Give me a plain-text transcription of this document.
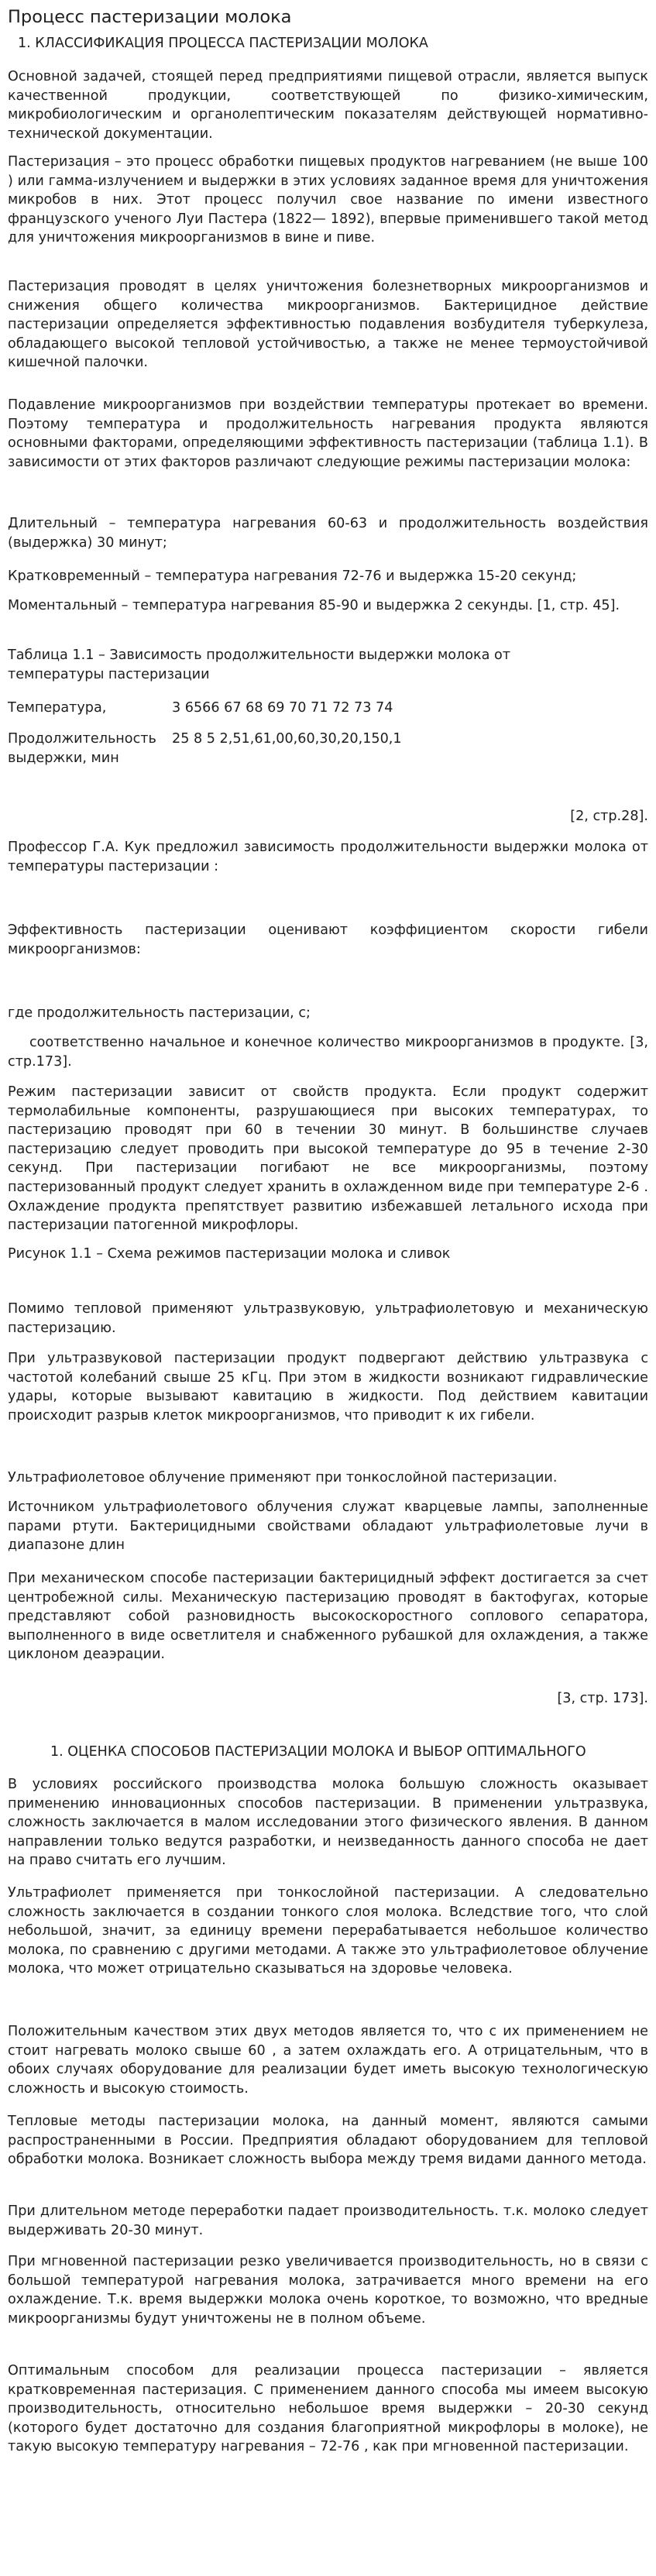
Процесс пастеризации молока
1. КЛАССИФИКАЦИЯ ПРОЦЕССА ПАСТЕРИЗАЦИИ МОЛОКА
Основной задачей, стоящей перед предприятиями пищевой отрасли, является выпуск качественной продукции, соответствующей по физико-химическим, микробиологическим и органолептическим показателям действующей нормативно-технической документации.
Пастеризация – это процесс обработки пищевых продуктов нагреванием (не выше 100 ) или гамма-излучением и выдержки в этих условиях заданное время для уничтожения микробов в них. Этот процесс получил свое название по имени известного французского ученого Луи Пастера (1822— 1892), впервые применившего такой метод для уничтожения микроорганизмов в вине и пиве.
Пастеризация проводят в целях уничтожения болезнетворных микроорганизмов и снижения общего количества микроорганизмов. Бактерицидное действие пастеризации определяется эффективностью подавления возбудителя туберкулеза, обладающего высокой тепловой устойчивостью, а также не менее термоустойчивой кишечной палочки.
Подавление микроорганизмов при воздействии температуры протекает во времени. Поэтому температура и продолжительность нагревания продукта являются основными факторами, определяющими эффективность пастеризации (таблица 1.1). В зависимости от этих факторов различают следующие режимы пастеризации молока:
Длительный – температура нагревания 60-63 и продолжительность воздействия (выдержка) 30 минут;
Кратковременный – температура нагревания 72-76 и выдержка 15-20 секунд;
Моментальный – температура нагревания 85-90 и выдержка 2 секунды. [1, стр. 45].
Таблица 1.1 – Зависимость продолжительности выдержки молока от температуры пастеризации
Температура,	3 6566 67 68 69 70 71 72 73 74
Продолжительность 25 8 5 2,51,61,00,60,30,20,150,1
выдержки, мин
[2, стр.28].
Профессор Г.А. Кук предложил зависимость продолжительности выдержки молока от температуры пастеризации :
Эффективность пастеризации оценивают коэффициентом скорости гибели микроорганизмов:
где продолжительность пастеризации, с;
соответственно начальное и конечное количество микроорганизмов в продукте. [3, стр.173].
Режим пастеризации зависит от свойств продукта. Если продукт содержит термолабильные компоненты, разрушающиеся при высоких температурах, то пастеризацию проводят при 60 в течении 30 минут. В большинстве случаев пастеризацию следует проводить при высокой температуре до 95 в течение 2-30 секунд. При пастеризации погибают не все микроорганизмы, поэтому пастеризованный продукт следует хранить в охлажденном виде при температуре 2-6 . Охлаждение продукта препятствует развитию избежавшей летального исхода при пастеризации патогенной микрофлоры.
Рисунок 1.1 – Схема режимов пастеризации молока и сливок
Помимо тепловой применяют ультразвуковую, ультрафиолетовую и механическую пастеризацию.
При ультразвуковой пастеризации продукт подвергают действию ультразвука с частотой колебаний свыше 25 кГц. При этом в жидкости возникают гидравлические удары, которые вызывают кавитацию в жидкости. Под действием кавитации происходит разрыв клеток микроорганизмов, что приводит к их гибели.
Ультрафиолетовое облучение применяют при тонкослойной пастеризации.
Источником ультрафиолетового облучения служат кварцевые лампы, заполненные парами ртути. Бактерицидными свойствами обладают ультрафиолетовые лучи в диапазоне длин
При механическом способе пастеризации бактерицидный эффект достигается за счет центробежной силы. Механическую пастеризацию проводят в бактофугах, которые представляют собой разновидность высокоскоростного соплового сепаратора, выполненного в виде осветлителя и снабженного рубашкой для охлаждения, а также циклоном деаэрации.
[3, стр. 173].
1. ОЦЕНКА СПОСОБОВ ПАСТЕРИЗАЦИИ МОЛОКА И ВЫБОР ОПТИМАЛЬНОГО
В условиях российского производства молока большую сложность оказывает применению инновационных способов пастеризации. В применении ультразвука, сложность заключается в малом исследовании этого физического явления. В данном направлении только ведутся разработки, и неизведанность данного способа не дает на право считать его лучшим.
Ультрафиолет применяется при тонкослойной пастеризации. А следовательно сложность заключается в создании тонкого слоя молока. Вследствие того, что слой небольшой, значит, за единицу времени перерабатывается небольшое количество молока, по сравнению с другими методами. А также это ультрафиолетовое облучение молока, что может отрицательно сказываться на здоровье человека.
Положительным качеством этих двух методов является то, что с их применением не стоит нагревать молоко свыше 60 , а затем охлаждать его. А отрицательным, что в обоих случаях оборудование для реализации будет иметь высокую технологическую сложность и высокую стоимость.
Тепловые методы пастеризации молока, на данный момент, являются самыми распространенными в России. Предприятия обладают оборудованием для тепловой обработки молока. Возникает сложность выбора между тремя видами данного метода.
При длительном методе переработки падает производительность. т.к. молоко следует выдерживать 20-30 минут.
При мгновенной пастеризации резко увеличивается производительность, но в связи с большой температурой нагревания молока, затрачивается много времени на его охлаждение. Т.к. время выдержки молока очень короткое, то возможно, что вредные микроорганизмы будут уничтожены не в полном объеме.
Оптимальным способом для реализации процесса пастеризации – является кратковременная пастеризация. С применением данного способа мы имеем высокую производительность, относительно небольшое время выдержки – 20-30 секунд (которого будет достаточно для создания благоприятной микрофлоры в молоке), не такую высокую температуру нагревания – 72-76 , как при мгновенной пастеризации.
